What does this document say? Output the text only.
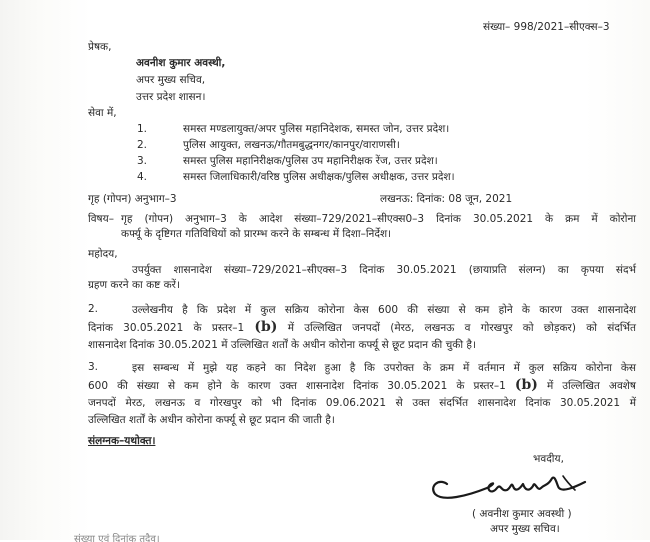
संख्या– 998/2021–सीएक्स–3
प्रेषक,
अवनीश कुमार अवस्थी,
अपर मुख्य सचिव,
उत्तर प्रदेश शासन।
सेवा में,
1.	समस्त मण्डलायुक्त/अपर पुलिस महानिदेशक, समस्त जोन, उत्तर प्रदेश।
2.	पुलिस आयुक्त, लखनऊ/गौतमबुद्धनगर/कानपुर/वाराणसी।
3.	समस्त पुलिस महानिरीक्षक/पुलिस उप महानिरीक्षक रेंज, उत्तर प्रदेश।
4.	समस्त जिलाधिकारी/वरिष्ठ पुलिस अधीक्षक/पुलिस अधीक्षक, उत्तर प्रदेश।
गृह (गोपन) अनुभाग–3	लखनऊ: दिनांक: 08 जून, 2021
विषय– गृह (गोपन) अनुभाग–3 के आदेश संख्या–729/2021–सीएक्स0–3 दिनांक 30.05.2021 के क्रम में कोरोना
कर्फ्यू के दृष्टिगत गतिविधियों को प्रारम्भ करने के सम्बन्ध में दिशा–निर्देश।
महोदय,
उपर्युक्त शासनादेश संख्या–729/2021–सीएक्स–3 दिनांक 30.05.2021 (छायाप्रति संलग्न) का कृपया संदर्भ
ग्रहण करने का कष्ट करें।
2.	उल्लेखनीय है कि प्रदेश में कुल सक्रिय कोरोना केस 600 की संख्या से कम होने के कारण उक्त शासनादेश
दिनांक 30.05.2021 के प्रस्तर–1 (b) में उल्लिखित जनपदों (मेरठ, लखनऊ व गोरखपुर को छोड़कर) को संदर्भित
शासनादेश दिनांक 30.05.2021 में उल्लिखित शर्तों के अधीन कोरोना कर्फ्यू से छूट प्रदान की चुकी है।
3.	इस सम्बन्ध में मुझे यह कहने का निदेश हुआ है कि उपरोक्त के क्रम में वर्तमान में कुल सक्रिय कोरोना केस
600 की संख्या से कम होने के कारण उक्त शासनादेश दिनांक 30.05.2021 के प्रस्तर–1 (b) में उल्लिखित अवशेष
जनपदों मेरठ, लखनऊ व गोरखपुर को भी दिनांक 09.06.2021 से उक्त संदर्भित शासनादेश दिनांक 30.05.2021 में
उल्लिखित शर्तों के अधीन कोरोना कर्फ्यू से छूट प्रदान की जाती है।
संलग्नक–यथोक्त।
भवदीय,
( अवनीश कुमार अवस्थी )
अपर मुख्य सचिव।
संख्या एवं दिनांक तदैव।
